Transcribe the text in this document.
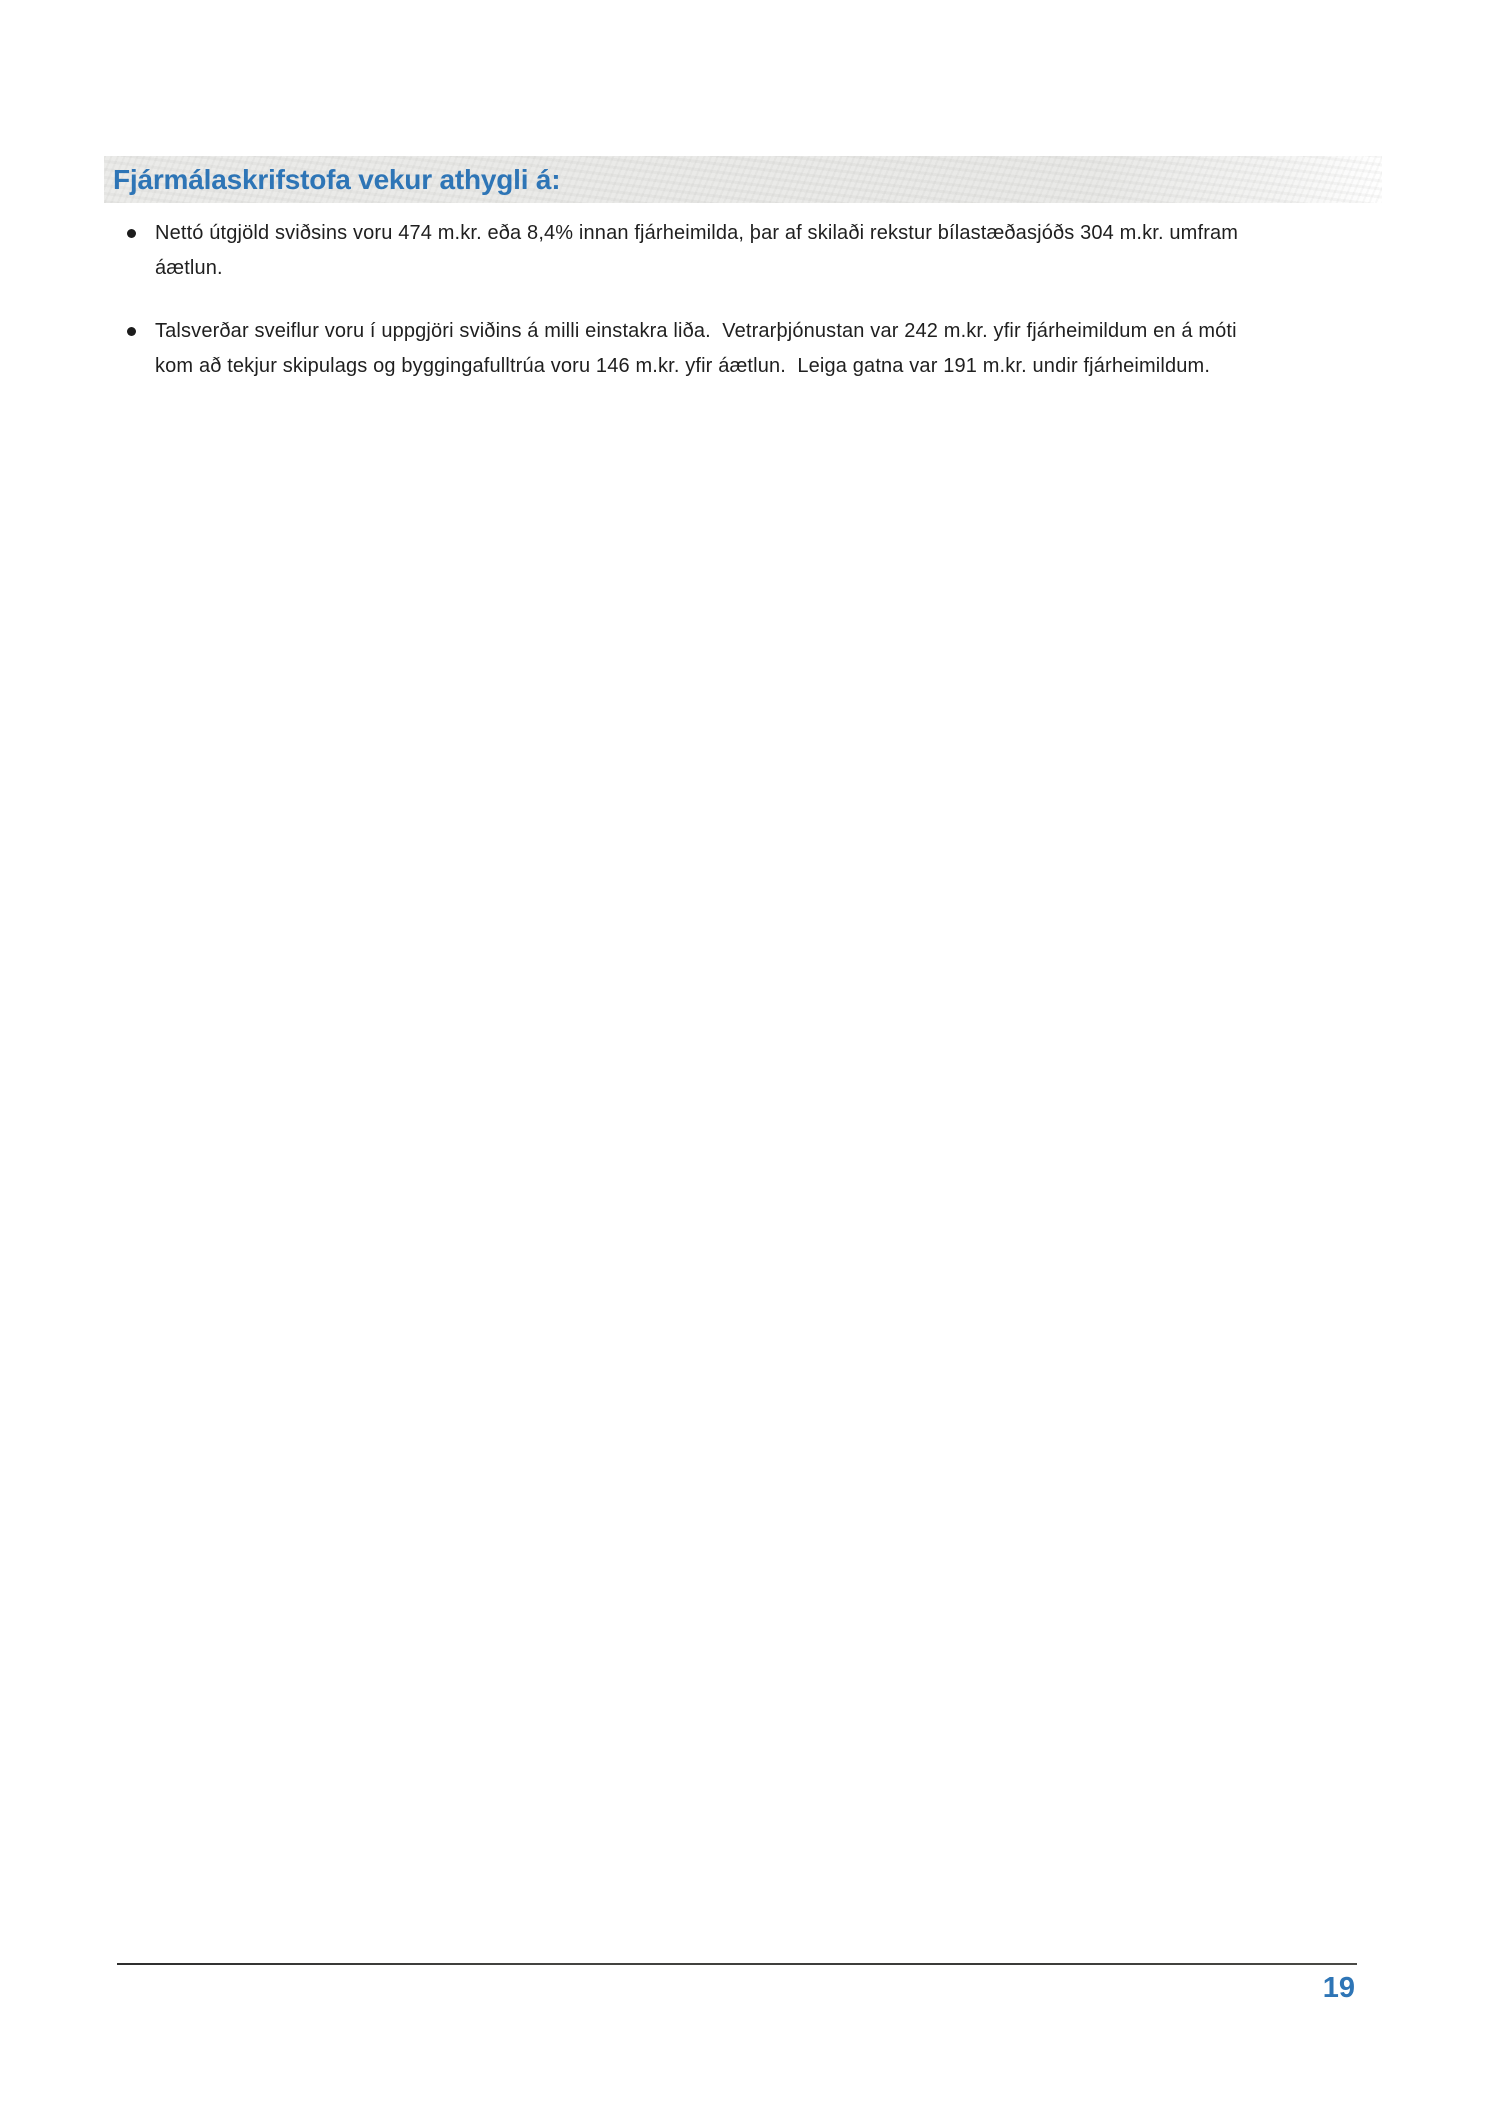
Fjármálaskrifstofa vekur athygli á:
Nettó útgjöld sviðsins voru 474 m.kr. eða 8,4% innan fjárheimilda, þar af skilaði rekstur bílastæðasjóðs 304 m.kr. umfram
áætlun.
Talsverðar sveiflur voru í uppgjöri sviðins á milli einstakra liða.  Vetrarþjónustan var 242 m.kr. yfir fjárheimildum en á móti
kom að tekjur skipulags og byggingafulltrúa voru 146 m.kr. yfir áætlun.  Leiga gatna var 191 m.kr. undir fjárheimildum.
19
